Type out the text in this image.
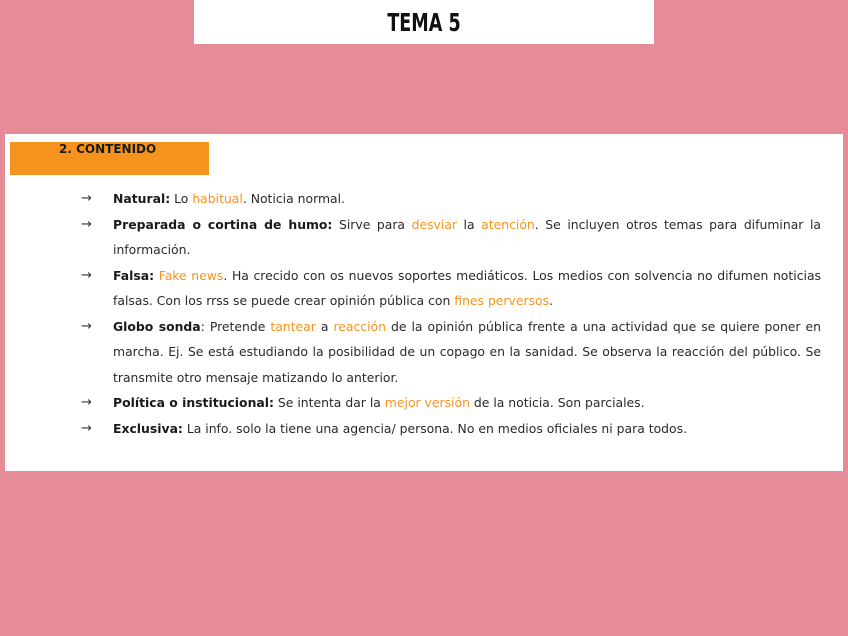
TEMA 5
2. CONTENIDO
→ Natural: Lo habitual. Noticia normal.
→ Preparada o cortina de humo: Sirve para desviar la atención. Se incluyen otros temas para difuminar la información.
→ Falsa: Fake news. Ha crecido con os nuevos soportes mediáticos. Los medios con solvencia no difumen noticias falsas. Con los rrss se puede crear opinión pública con fines perversos.
→ Globo sonda: Pretende tantear a reacción de la opinión pública frente a una actividad que se quiere poner en marcha. Ej. Se está estudiando la posibilidad de un copago en la sanidad. Se observa la reacción del público. Se transmite otro mensaje matizando lo anterior.
→ Política o institucional: Se intenta dar la mejor versión de la noticia. Son parciales.
→ Exclusiva: La info. solo la tiene una agencia/ persona. No en medios oficiales ni para todos.
